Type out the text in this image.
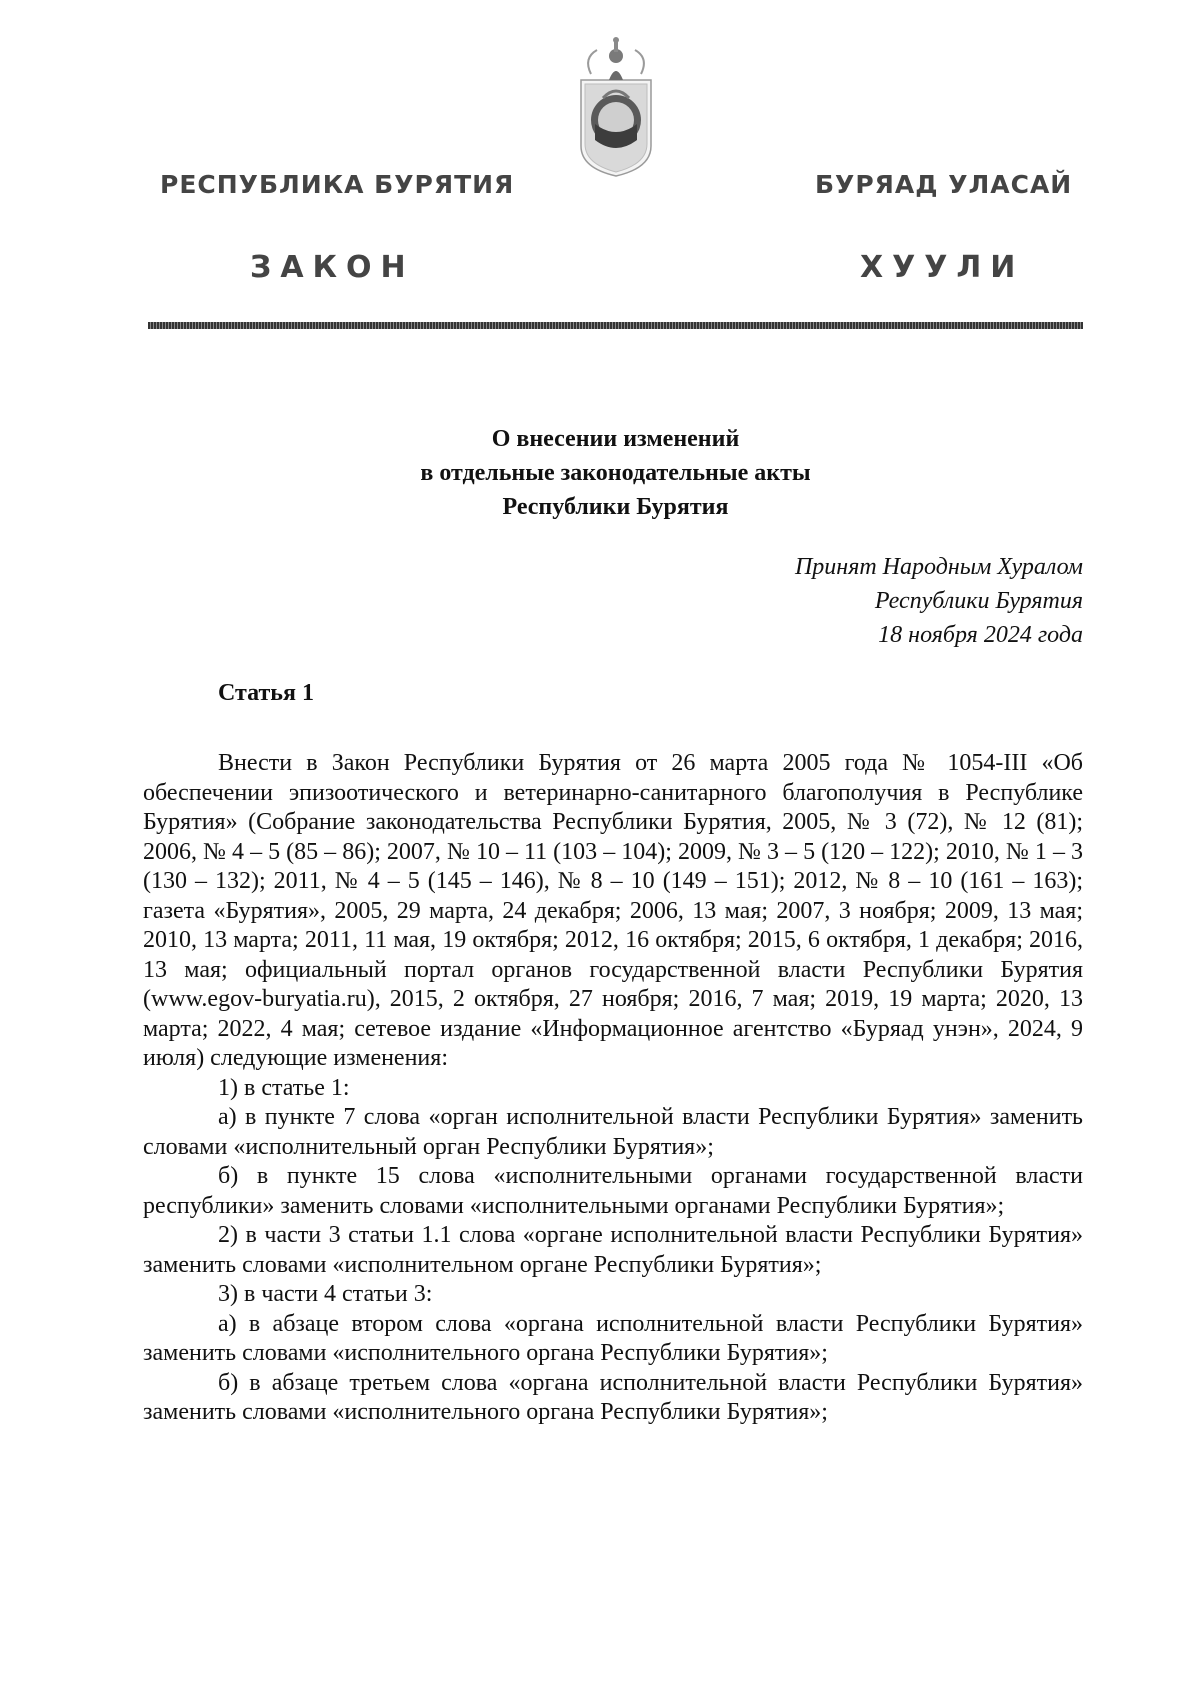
РЕСПУБЛИКА БУРЯТИЯ	БУРЯАД УЛАСАЙ
ЗАКОН	ХУУЛИ
О внесении изменений
в отдельные законодательные акты
Республики Бурятия
Принят Народным Хуралом
Республики Бурятия
18 ноября 2024 года
Статья 1

Внести в Закон Республики Бурятия от 26 марта 2005 года № 1054-III «Об обеспечении эпизоотического и ветеринарно-санитарного благополучия в Республике Бурятия» (Собрание законодательства Республики Бурятия, 2005, № 3 (72), № 12 (81); 2006, № 4 – 5 (85 – 86); 2007, № 10 – 11 (103 – 104); 2009, № 3 – 5 (120 – 122); 2010, № 1 – 3 (130 – 132); 2011, № 4 – 5 (145 – 146), № 8 – 10 (149 – 151); 2012, № 8 – 10 (161 – 163); газета «Бурятия», 2005, 29 марта, 24 декабря; 2006, 13 мая; 2007, 3 ноября; 2009, 13 мая; 2010, 13 марта; 2011, 11 мая, 19 октября; 2012, 16 октября; 2015, 6 октября, 1 декабря; 2016, 13 мая; официальный портал органов государственной власти Республики Бурятия (www.egov-buryatia.ru), 2015, 2 октября, 27 ноября; 2016, 7 мая; 2019, 19 марта; 2020, 13 марта; 2022, 4 мая; сетевое издание «Информационное агентство «Буряад унэн», 2024, 9 июля) следующие изменения:

1) в статье 1:

а) в пункте 7 слова «орган исполнительной власти Республики Бурятия» заменить словами «исполнительный орган Республики Бурятия»;

б) в пункте 15 слова «исполнительными органами государственной власти республики» заменить словами «исполнительными органами Республики Бурятия»;

2) в части 3 статьи 1.1 слова «органе исполнительной власти Республики Бурятия» заменить словами «исполнительном органе Республики Бурятия»;

3) в части 4 статьи 3:

а) в абзаце втором слова «органа исполнительной власти Республики Бурятия» заменить словами «исполнительного органа Республики Бурятия»;

б) в абзаце третьем слова «органа исполнительной власти Республики Бурятия» заменить словами «исполнительного органа Республики Бурятия»;
